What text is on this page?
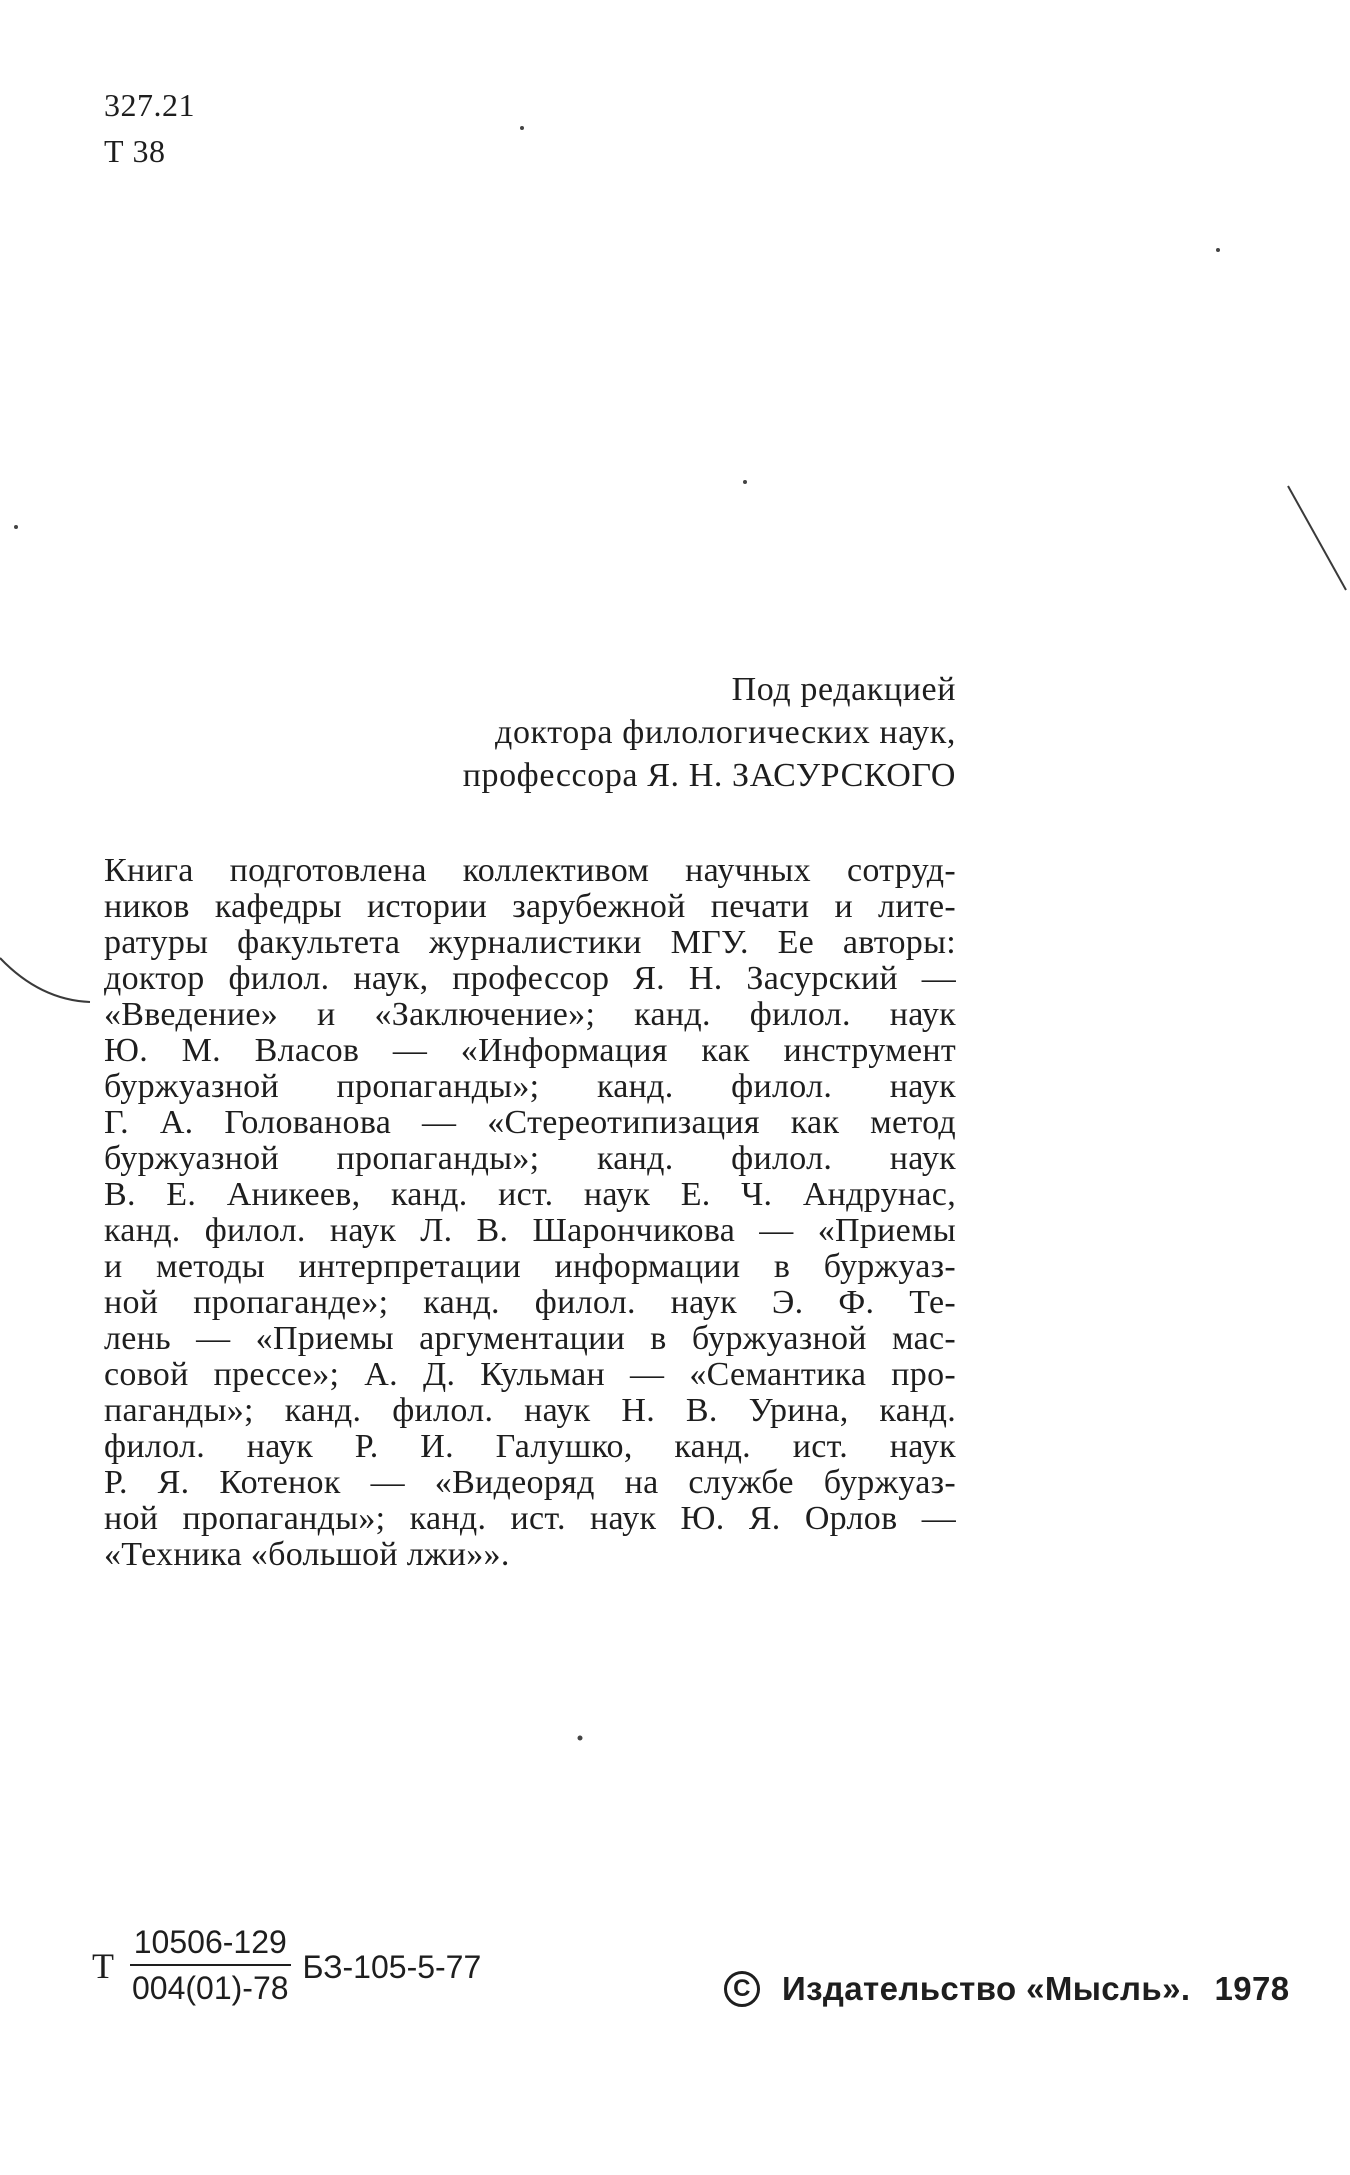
327.21
Т 38
Под редакцией
доктора филологических наук,
профессора Я. Н. ЗАСУРСКОГО
Книга подготовлена коллективом научных сотруд-
ников кафедры истории зарубежной печати и лите-
ратуры факультета журналистики МГУ. Ее авторы:
доктор филол. наук, профессор Я. Н. Засурский —
«Введение» и «Заключение»; канд. филол. наук
Ю. М. Власов — «Информация как инструмент
буржуазной пропаганды»; канд. филол. наук
Г. А. Голованова — «Стереотипизация как метод
буржуазной пропаганды»; канд. филол. наук
В. Е. Аникеев, канд. ист. наук Е. Ч. Андрунас,
канд. филол. наук Л. В. Шарончикова — «Приемы
и методы интерпретации информации в буржуаз-
ной пропаганде»; канд. филол. наук Э. Ф. Те-
лень — «Приемы аргументации в буржуазной мас-
совой прессе»; А. Д. Кульман — «Семантика про-
паганды»; канд. филол. наук Н. В. Урина, канд.
филол. наук Р. И. Галушко, канд. ист. наук
Р. Я. Котенок — «Видеоряд на службе буржуаз-
ной пропаганды»; канд. ист. наук Ю. Я. Орлов —
«Техника «большой лжи»».
Т $\frac{10506-129}{004(01)-78} БЗ-105-5-77$
C Издательство «Мысль». 1978
